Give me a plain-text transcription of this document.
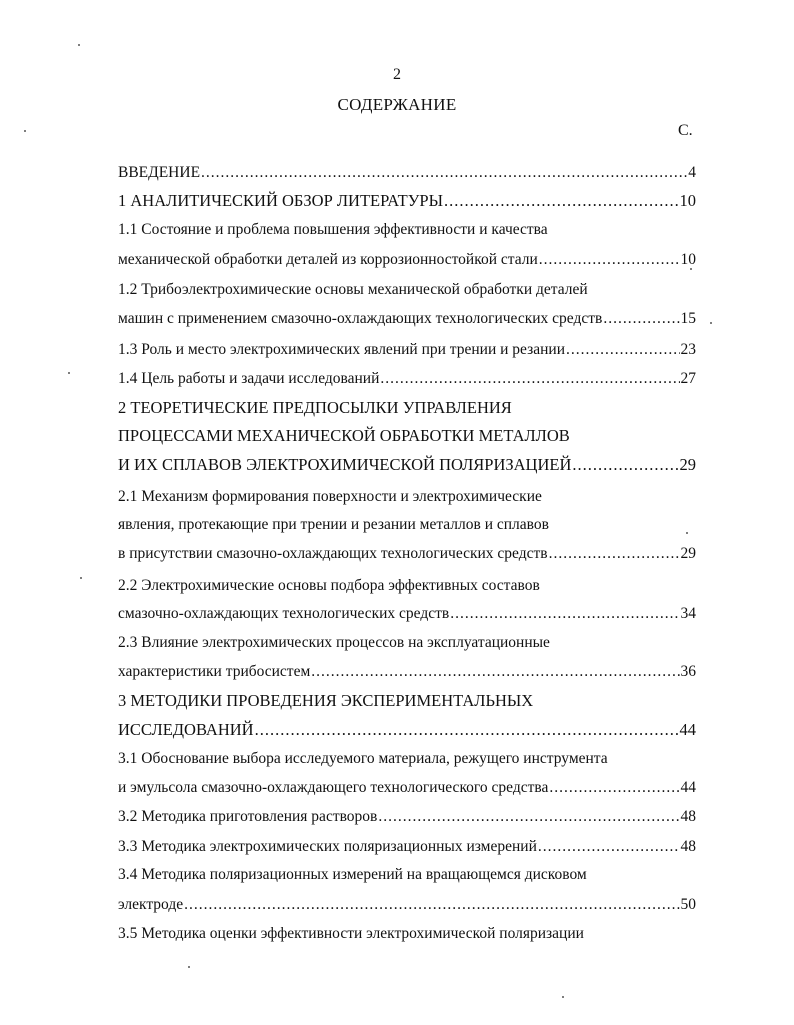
2
СОДЕРЖАНИЕ
С.
ВВЕДЕНИЕ .....	4
1 АНАЛИТИЧЕСКИЙ ОБЗОР ЛИТЕРАТУРЫ .....	10
1.1 Состояние и проблема повышения эффективности и качества
механической обработки деталей из коррозионностойкой стали .....	10
1.2 Трибоэлектрохимические основы механической обработки деталей
машин с применением смазочно-охлаждающих технологических средств .....	15
1.3 Роль и место электрохимических явлений при трении и резании .....	23
1.4 Цель работы и задачи исследований .....	27
2 ТЕОРЕТИЧЕСКИЕ ПРЕДПОСЫЛКИ УПРАВЛЕНИЯ
ПРОЦЕССАМИ МЕХАНИЧЕСКОЙ ОБРАБОТКИ МЕТАЛЛОВ
И ИХ СПЛАВОВ ЭЛЕКТРОХИМИЧЕСКОЙ ПОЛЯРИЗАЦИЕЙ .....	29
2.1 Механизм формирования поверхности и электрохимические
явления, протекающие при трении и резании металлов и сплавов
в присутствии смазочно-охлаждающих технологических средств .....	29
2.2 Электрохимические основы подбора эффективных составов
смазочно-охлаждающих технологических средств .....	34
2.3 Влияние электрохимических процессов на эксплуатационные
характеристики трибосистем .....	36
3 МЕТОДИКИ ПРОВЕДЕНИЯ ЭКСПЕРИМЕНТАЛЬНЫХ
ИССЛЕДОВАНИЙ .....	44
3.1 Обоснование выбора исследуемого материала, режущего инструмента
и эмульсола смазочно-охлаждающего технологического средства .....	44
3.2 Методика приготовления растворов .....	48
3.3 Методика электрохимических поляризационных измерений .....	48
3.4 Методика поляризационных измерений на вращающемся дисковом
электроде .....	50
3.5 Методика оценки эффективности электрохимической поляризации
